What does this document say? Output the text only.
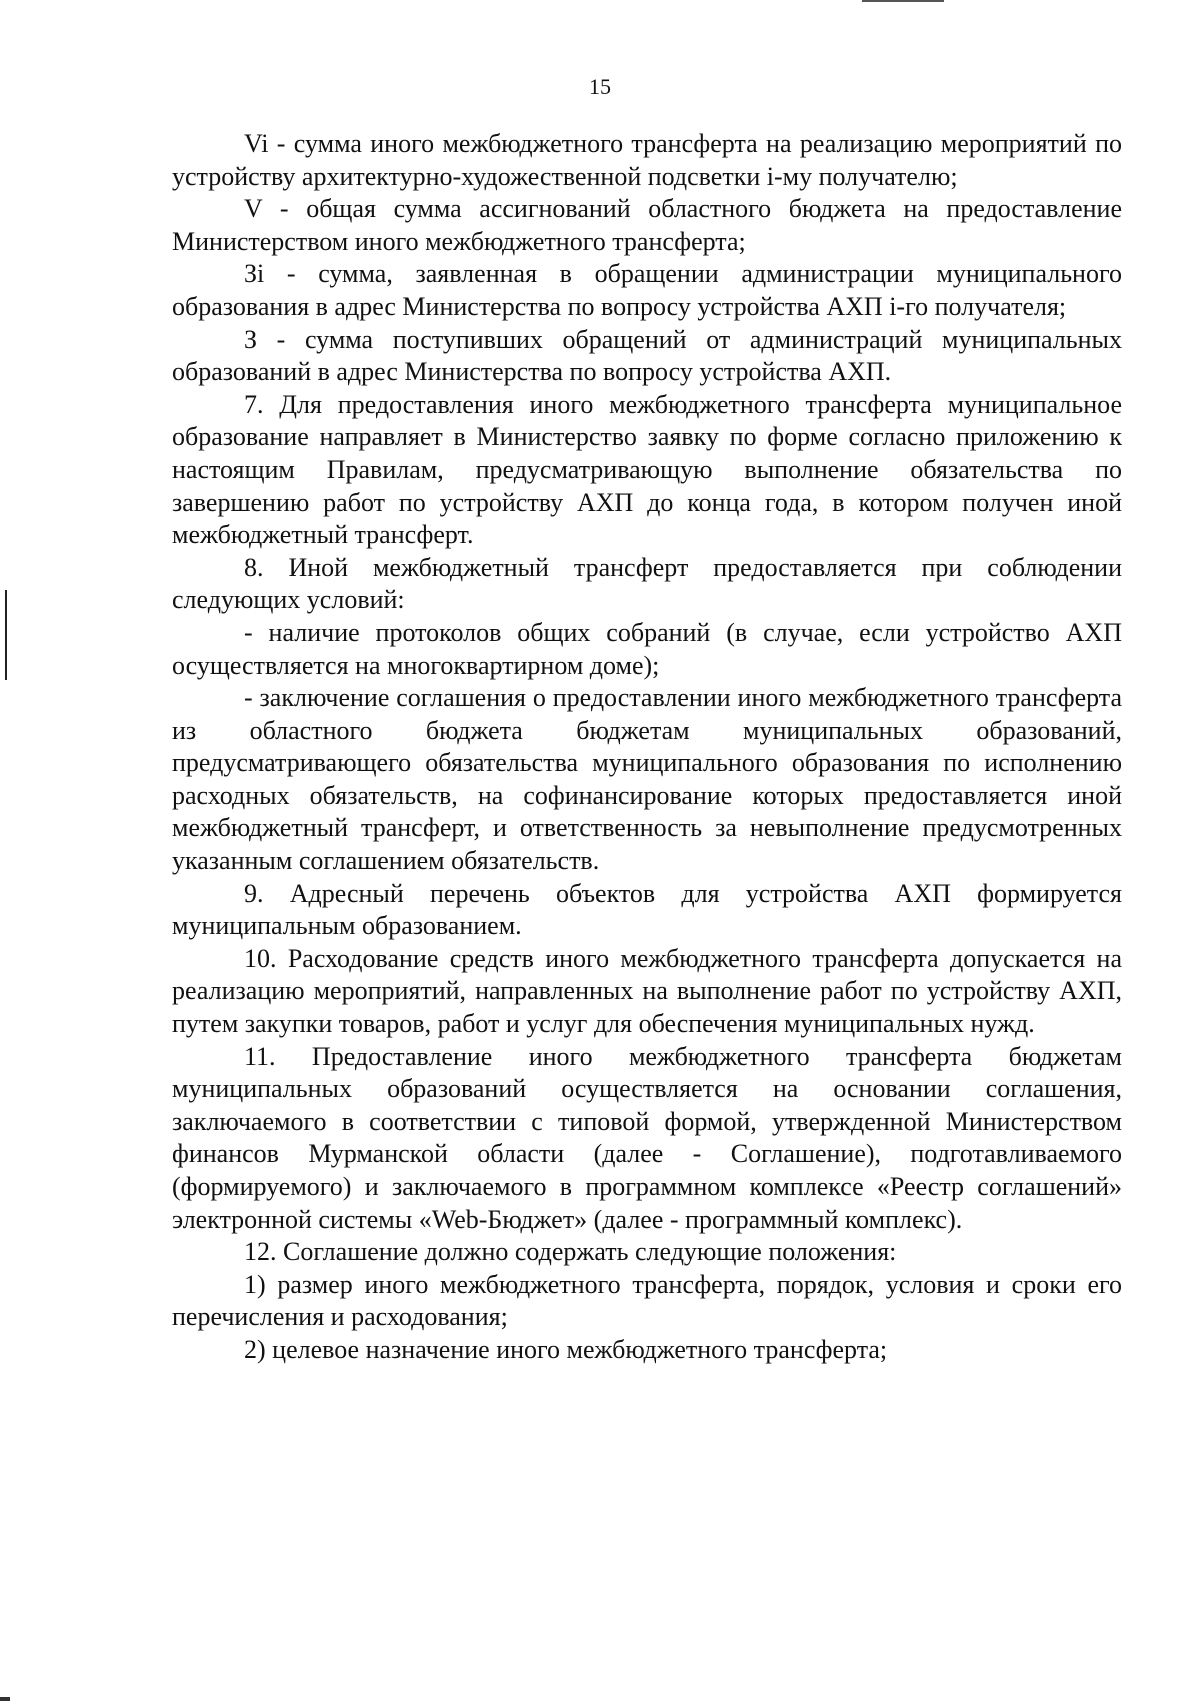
15

Vi - сумма иного межбюджетного трансферта на реализацию мероприятий по устройству архитектурно-художественной подсветки i-му получателю;

V - общая сумма ассигнований областного бюджета на предоставление Министерством иного межбюджетного трансферта;

Зi - сумма, заявленная в обращении администрации муниципального образования в адрес Министерства по вопросу устройства АХП i-го получателя;

З - сумма поступивших обращений от администраций муниципальных образований в адрес Министерства по вопросу устройства АХП.

7. Для предоставления иного межбюджетного трансферта муниципальное образование направляет в Министерство заявку по форме согласно приложению к настоящим Правилам, предусматривающую выполнение обязательства по завершению работ по устройству АХП до конца года, в котором получен иной межбюджетный трансферт.

8. Иной межбюджетный трансферт предоставляется при соблюдении следующих условий:

- наличие протоколов общих собраний (в случае, если устройство АХП осуществляется на многоквартирном доме);

- заключение соглашения о предоставлении иного межбюджетного трансферта из областного бюджета бюджетам муниципальных образований, предусматривающего обязательства муниципального образования по исполнению расходных обязательств, на софинансирование которых предоставляется иной межбюджетный трансферт, и ответственность за невыполнение предусмотренных указанным соглашением обязательств.

9. Адресный перечень объектов для устройства АХП формируется муниципальным образованием.

10. Расходование средств иного межбюджетного трансферта допускается на реализацию мероприятий, направленных на выполнение работ по устройству АХП, путем закупки товаров, работ и услуг для обеспечения муниципальных нужд.

11. Предоставление иного межбюджетного трансферта бюджетам муниципальных образований осуществляется на основании соглашения, заключаемого в соответствии с типовой формой, утвержденной Министерством финансов Мурманской области (далее - Соглашение), подготавливаемого (формируемого) и заключаемого в программном комплексе «Реестр соглашений» электронной системы «Web-Бюджет» (далее - программный комплекс).

12. Соглашение должно содержать следующие положения:

1) размер иного межбюджетного трансферта, порядок, условия и сроки его перечисления и расходования;

2) целевое назначение иного межбюджетного трансферта;
